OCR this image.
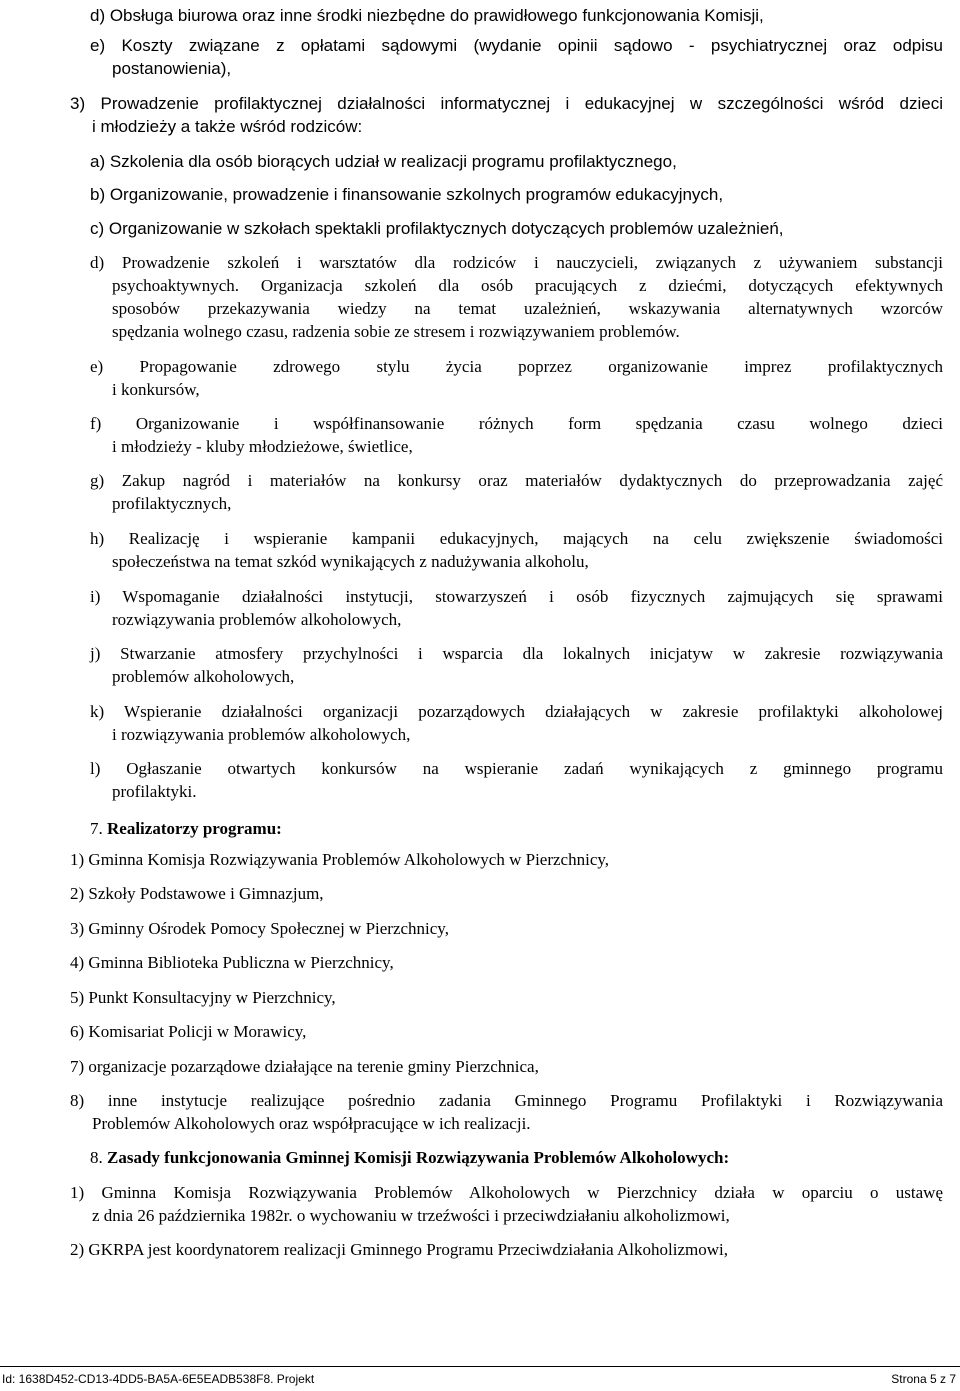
d) Obsługa biurowa oraz inne środki niezbędne do prawidłowego funkcjonowania Komisji,
e) Koszty związane z opłatami sądowymi (wydanie opinii sądowo - psychiatrycznej oraz odpisu
postanowienia),
3) Prowadzenie profilaktycznej działalności informatycznej i edukacyjnej w szczególności wśród dzieci
i młodzieży a także wśród rodziców:
a) Szkolenia dla osób biorących udział w realizacji programu profilaktycznego,
b) Organizowanie, prowadzenie i finansowanie szkolnych programów edukacyjnych,
c) Organizowanie w szkołach spektakli profilaktycznych dotyczących problemów uzależnień,
d) Prowadzenie szkoleń i warsztatów dla rodziców i nauczycieli, związanych z używaniem substancji
psychoaktywnych. Organizacja szkoleń dla osób pracujących z dziećmi, dotyczących efektywnych
sposobów przekazywania wiedzy na temat uzależnień, wskazywania alternatywnych wzorców
spędzania wolnego czasu, radzenia sobie ze stresem i rozwiązywaniem problemów.
e) Propagowanie zdrowego stylu życia poprzez organizowanie imprez profilaktycznych
i konkursów,
f) Organizowanie i współfinansowanie różnych form spędzania czasu wolnego dzieci
i młodzieży - kluby młodzieżowe, świetlice,
g) Zakup nagród i materiałów na konkursy oraz materiałów dydaktycznych do przeprowadzania zajęć
profilaktycznych,
h) Realizację i wspieranie kampanii edukacyjnych, mających na celu zwiększenie świadomości
społeczeństwa na temat szkód wynikających z nadużywania alkoholu,
i) Wspomaganie działalności instytucji, stowarzyszeń i osób fizycznych zajmujących się sprawami
rozwiązywania problemów alkoholowych,
j) Stwarzanie atmosfery przychylności i wsparcia dla lokalnych inicjatyw w zakresie rozwiązywania
problemów alkoholowych,
k) Wspieranie działalności organizacji pozarządowych działających w zakresie profilaktyki alkoholowej
i rozwiązywania problemów alkoholowych,
l) Ogłaszanie otwartych konkursów na wspieranie zadań wynikających z gminnego programu
profilaktyki.
7. Realizatorzy programu:
1) Gminna Komisja Rozwiązywania Problemów Alkoholowych w Pierzchnicy,
2) Szkoły Podstawowe i Gimnazjum,
3) Gminny Ośrodek Pomocy Społecznej w Pierzchnicy,
4) Gminna Biblioteka Publiczna w Pierzchnicy,
5) Punkt Konsultacyjny w Pierzchnicy,
6) Komisariat Policji w Morawicy,
7) organizacje pozarządowe działające na terenie gminy Pierzchnica,
8) inne instytucje realizujące pośrednio zadania Gminnego Programu Profilaktyki i Rozwiązywania
Problemów Alkoholowych oraz współpracujące w ich realizacji.
8. Zasady funkcjonowania Gminnej Komisji Rozwiązywania Problemów Alkoholowych:
1) Gminna Komisja Rozwiązywania Problemów Alkoholowych w Pierzchnicy działa w oparciu o ustawę
z dnia 26 października 1982r. o wychowaniu w trzeźwości i przeciwdziałaniu alkoholizmowi,
2) GKRPA jest koordynatorem realizacji Gminnego Programu Przeciwdziałania Alkoholizmowi,
Id: 1638D452-CD13-4DD5-BA5A-6E5EADB538F8. Projekt	Strona 5 z 7
